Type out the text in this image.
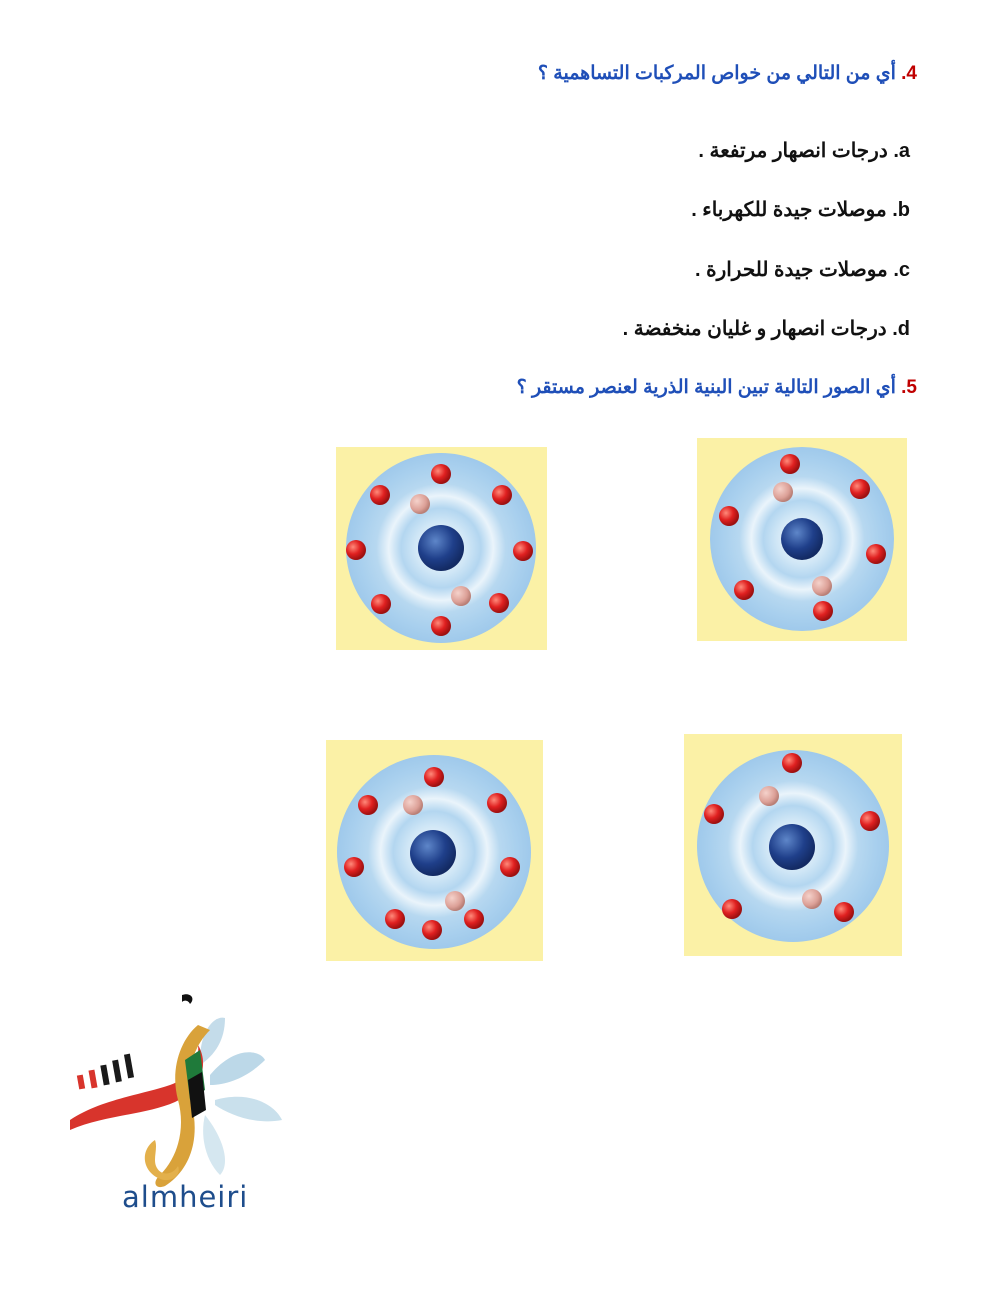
4. أي من التالي من خواص المركبات التساهمية ؟
a. درجات انصهار مرتفعة .
b. موصلات جيدة للكهرباء .
c. موصلات جيدة للحرارة .
d. درجات انصهار و غليان منخفضة .
5. أي الصور التالية تبين البنية الذرية لعنصر مستقر ؟
almheiri
